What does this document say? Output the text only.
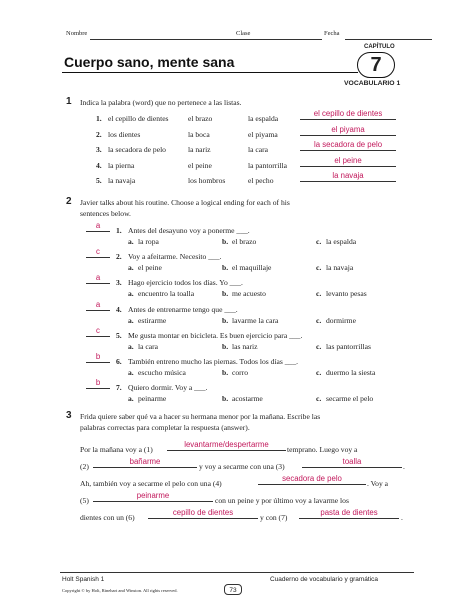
Nombre	Clase	Fecha
CAPÍTULO
Cuerpo sano, mente sana	7
VOCABULARIO 1
1 Indica la palabra (word) que no pertenece a las listas.
2 Javier talks about his routine. Choose a logical ending for each of his
sentences below.
3 Frida quiere saber qué va a hacer su hermana menor por la mañana. Escribe las
palabras correctas para completar la respuesta (answer).
Por la mañana voy a (1)
levantarme/despertarme
temprano. Luego voy a
(2)
bañarme
y voy a secarme con una (3)
toalla
.
Ah, también voy a secarme el pelo con una (4)
secadora de pelo
. Voy a
(5)
peinarme
con un peine y por último voy a lavarme los
dientes con un (6)
cepillo de dientes
y con (7)
pasta de dientes
.
Holt Spanish 1	Cuaderno de vocabulario y gramática
Copyright © by Holt, Rinehart and Winston. All rights reserved.	73
1. el cepillo de dientes	el brazo	la espalda
el cepillo de dientes
2. los dientes	la boca	el piyama
el piyama
3. la secadora de pelo	la nariz	la cara
la secadora de pelo
4. la pierna	el peine	la pantorrilla
el peine
5. la navaja	los hombros	el pecho
la navaja
a
1. Antes del desayuno voy a ponerme ___.
a. la ropa	b. el brazo	c. la espalda
c
2. Voy a afeitarme. Necesito ___.
a. el peine	b. el maquillaje	c. la navaja
a
3. Hago ejercicio todos los días. Yo ___.
a. encuentro la toalla	b. me acuesto	c. levanto pesas
a
4. Antes de entrenarme tengo que ___.
a. estirarme	b. lavarme la cara	c. dormirme
c
5. Me gusta montar en bicicleta. Es buen ejercicio para ___.
a. la cara	b. las nariz	c. las pantorrillas
b
6. También entreno mucho las piernas. Todos los días ___.
a. escucho música	b. corro	c. duermo la siesta
b
7. Quiero dormir. Voy a ___.
a. peinarme	b. acostarme	c. secarme el pelo
